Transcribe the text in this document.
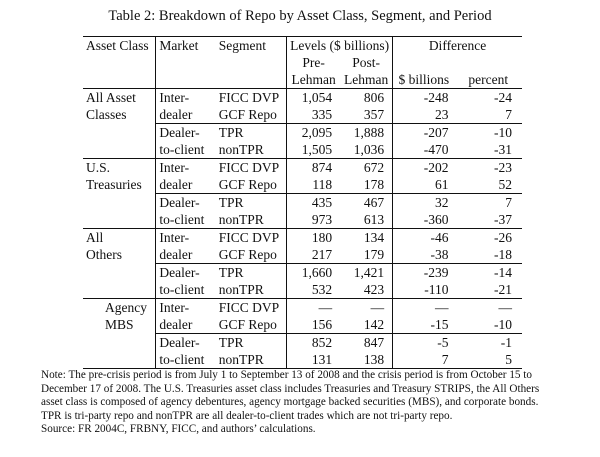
Table 2: Breakdown of Repo by Asset Class, Segment, and Period
Asset Class	Market	Segment	Levels ($ billions)		Difference	
			Pre-	Post-		
			Lehman	Lehman	$ billions	percent
All Asset	Inter-	FICC DVP	1,054	806	-248	-24
Classes	dealer	GCF Repo	335	357	23	7
	Dealer-	TPR	2,095	1,888	-207	-10
	to-client	nonTPR	1,505	1,036	-470	-31
U.S.	Inter-	FICC DVP	874	672	-202	-23
Treasuries	dealer	GCF Repo	118	178	61	52
	Dealer-	TPR	435	467	32	7
	to-client	nonTPR	973	613	-360	-37
All	Inter-	FICC DVP	180	134	-46	-26
Others	dealer	GCF Repo	217	179	-38	-18
	Dealer-	TPR	1,660	1,421	-239	-14
	to-client	nonTPR	532	423	-110	-21
Agency	Inter-	FICC DVP	—	—	—	—
MBS	dealer	GCF Repo	156	142	-15	-10
	Dealer-	TPR	852	847	-5	-1
	to-client	nonTPR	131	138	7	5

Note: The pre-crisis period is from July 1 to September 13 of 2008 and the crisis period is from October 15 to December 17 of 2008. The U.S. Treasuries asset class includes Treasuries and Treasury STRIPS, the All Others asset class is composed of agency debentures, agency mortgage backed securities (MBS), and corporate bonds. TPR is tri-party repo and nonTPR are all dealer-to-client trades which are not tri-party repo.

Source: FR 2004C, FRBNY, FICC, and authors’ calculations.
